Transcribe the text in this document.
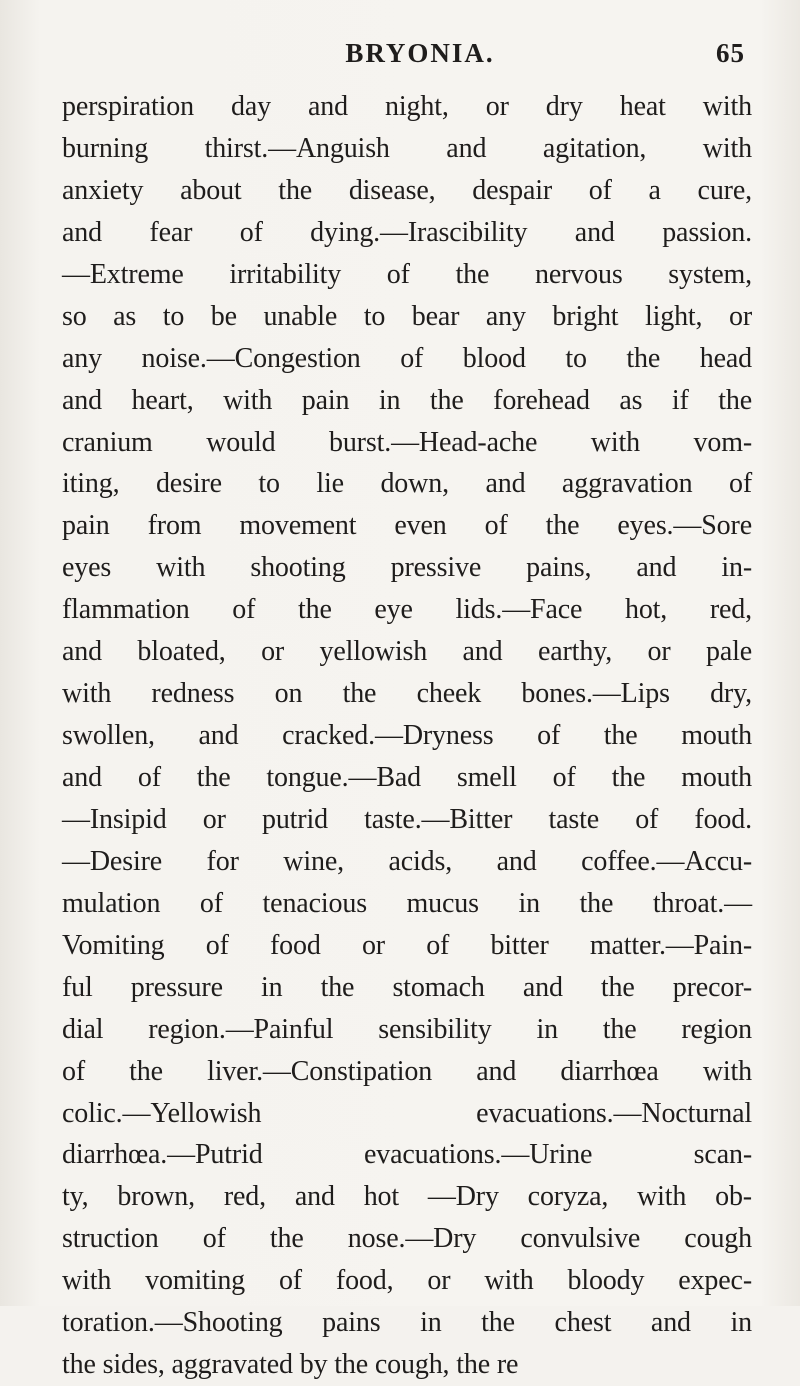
BRYONIA.	65
perspiration day and night, or dry heat with
burning thirst.—Anguish and agitation, with
anxiety about the disease, despair of a cure,
and fear of dying.—Irascibility and passion.
—Extreme irritability of the nervous system,
so as to be unable to bear any bright light, or
any noise.—Congestion of blood to the head
and heart, with pain in the forehead as if the
cranium would burst.—Head-ache with vom-
iting, desire to lie down, and aggravation of
pain from movement even of the eyes.—Sore
eyes with shooting pressive pains, and in-
flammation of the eye lids.—Face hot, red,
and bloated, or yellowish and earthy, or pale
with redness on the cheek bones.—Lips dry,
swollen, and cracked.—Dryness of the mouth
and of the tongue.—Bad smell of the mouth
—Insipid or putrid taste.—Bitter taste of food.
—Desire for wine, acids, and coffee.—Accu-
mulation of tenacious mucus in the throat.—
Vomiting of food or of bitter matter.—Pain-
ful pressure in the stomach and the precor-
dial region.—Painful sensibility in the region
of the liver.—Constipation and diarrhœa with
colic.—Yellowish evacuations.—Nocturnal
diarrhœa.—Putrid evacuations.—Urine scan-
ty, brown, red, and hot —Dry coryza, with ob-
struction of the nose.—Dry convulsive cough
with vomiting of food, or with bloody expec-
toration.—Shooting pains in the chest and in
the sides, aggravated by the cough, the re
